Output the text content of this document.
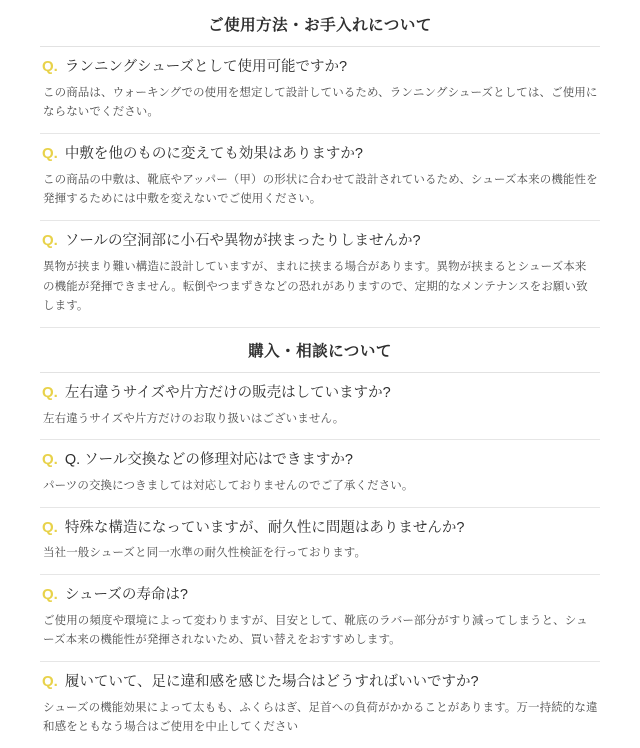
ご使用方法・お手入れについて
Q. ランニングシューズとして使用可能ですか?
この商品は、ウォーキングでの使用を想定して設計しているため、ランニングシューズとしては、ご使用にならないでください。
Q. 中敷を他のものに変えても効果はありますか?
この商品の中敷は、靴底やアッパー（甲）の形状に合わせて設計されているため、シューズ本来の機能性を発揮するためには中敷を変えないでご使用ください。
Q. ソールの空洞部に小石や異物が挟まったりしませんか?
異物が挟まり難い構造に設計していますが、まれに挟まる場合があります。異物が挟まるとシューズ本来の機能が発揮できません。転倒やつまずきなどの恐れがありますので、定期的なメンテナンスをお願い致します。
購入・相談について
Q. 左右違うサイズや片方だけの販売はしていますか?
左右違うサイズや片方だけのお取り扱いはございません。
Q. Q. ソール交換などの修理対応はできますか?
パーツの交換につきましては対応しておりませんのでご了承ください。
Q. 特殊な構造になっていますが、耐久性に問題はありませんか?
当社一般シューズと同一水準の耐久性検証を行っております。
Q. シューズの寿命は?
ご使用の頻度や環境によって変わりますが、目安として、靴底のラバー部分がすり減ってしまうと、シューズ本来の機能性が発揮されないため、買い替えをおすすめします。
Q. 履いていて、足に違和感を感じた場合はどうすればいいですか?
シューズの機能効果によって太もも、ふくらはぎ、足首への負荷がかかることがあります。万一持続的な違和感をともなう場合はご使用を中止してください
